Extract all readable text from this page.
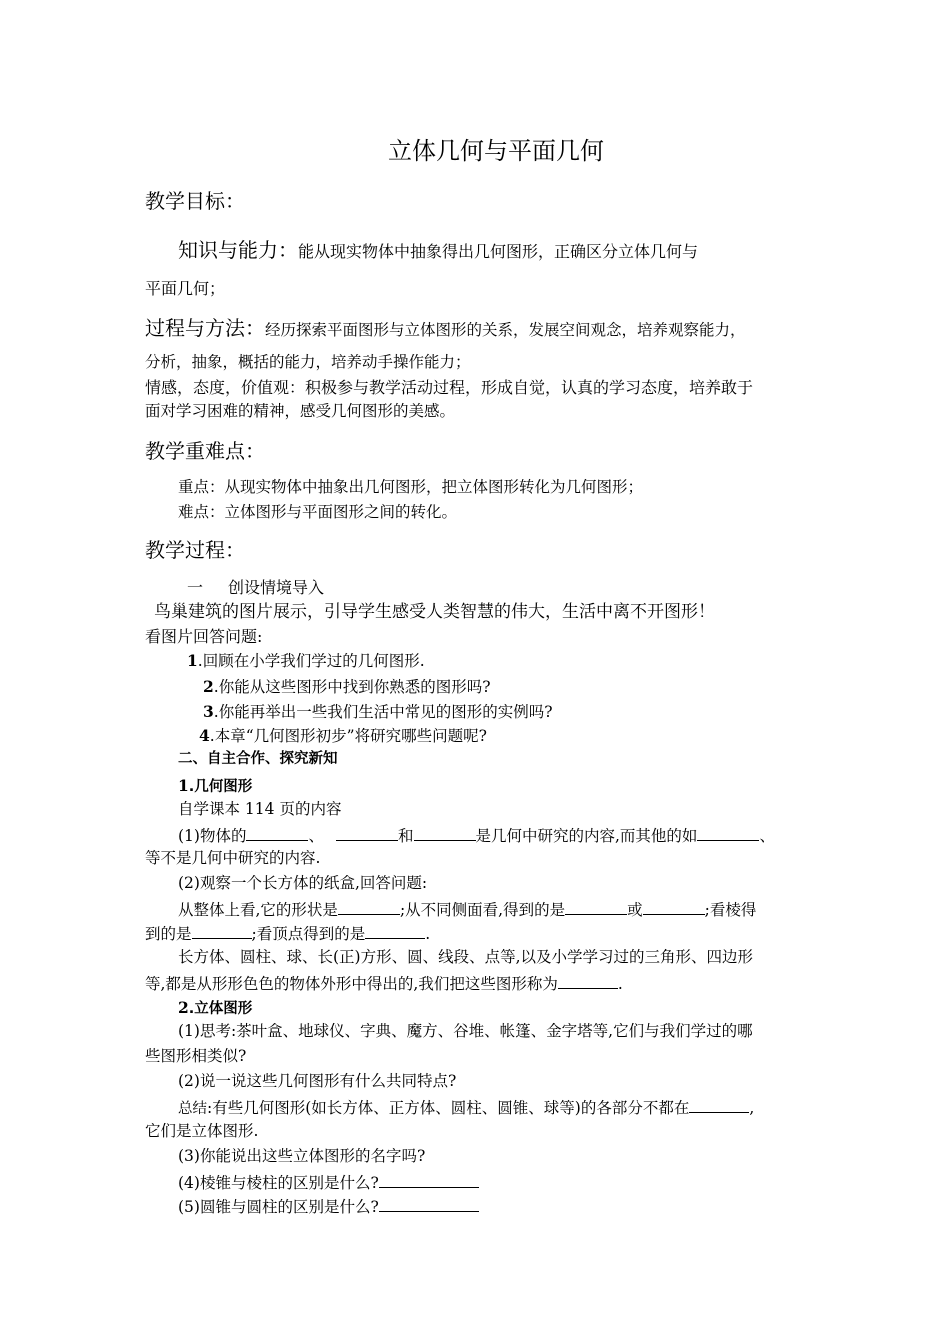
立体几何与平面几何
教学目标：
知识与能力：能从现实物体中抽象得出几何图形，正确区分立体几何与
平面几何；
过程与方法：经历探索平面图形与立体图形的关系，发展空间观念，培养观察能力，
分析，抽象，概括的能力，培养动手操作能力；
情感，态度，价值观：积极参与教学活动过程，形成自觉，认真的学习态度，培养敢于
面对学习困难的精神，感受几何图形的美感。
教学重难点：
重点：从现实物体中抽象出几何图形，把立体图形转化为几何图形；
难点：立体图形与平面图形之间的转化。
教学过程：
一 创设情境导入
鸟巢建筑的图片展示，引导学生感受人类智慧的伟大，生活中离不开图形！
看图片回答问题:
1.回顾在小学我们学过的几何图形.
2.你能从这些图形中找到你熟悉的图形吗?
3.你能再举出一些我们生活中常见的图形的实例吗?
4.本章“几何图形初步”将研究哪些问题呢?
二、自主合作、探究新知
1.几何图形
自学课本 114 页的内容
(1)物体的	、	和	是几何中研究的内容,而其他的如	、
等不是几何中研究的内容.
(2)观察一个长方体的纸盒,回答问题:
从整体上看,它的形状是	;从不同侧面看,得到的是	或	;看棱得
到的是	;看顶点得到的是	.
长方体、圆柱、球、长(正)方形、圆、线段、点等,以及小学学习过的三角形、四边形
等,都是从形形色色的物体外形中得出的,我们把这些图形称为	.
2.立体图形
(1)思考:茶叶盒、地球仪、字典、魔方、谷堆、帐篷、金字塔等,它们与我们学过的哪
些图形相类似?
(2)说一说这些几何图形有什么共同特点?
总结:有些几何图形(如长方体、正方体、圆柱、圆锥、球等)的各部分不都在	,
它们是立体图形.
(3)你能说出这些立体图形的名字吗?
(4)棱锥与棱柱的区别是什么?
(5)圆锥与圆柱的区别是什么?
